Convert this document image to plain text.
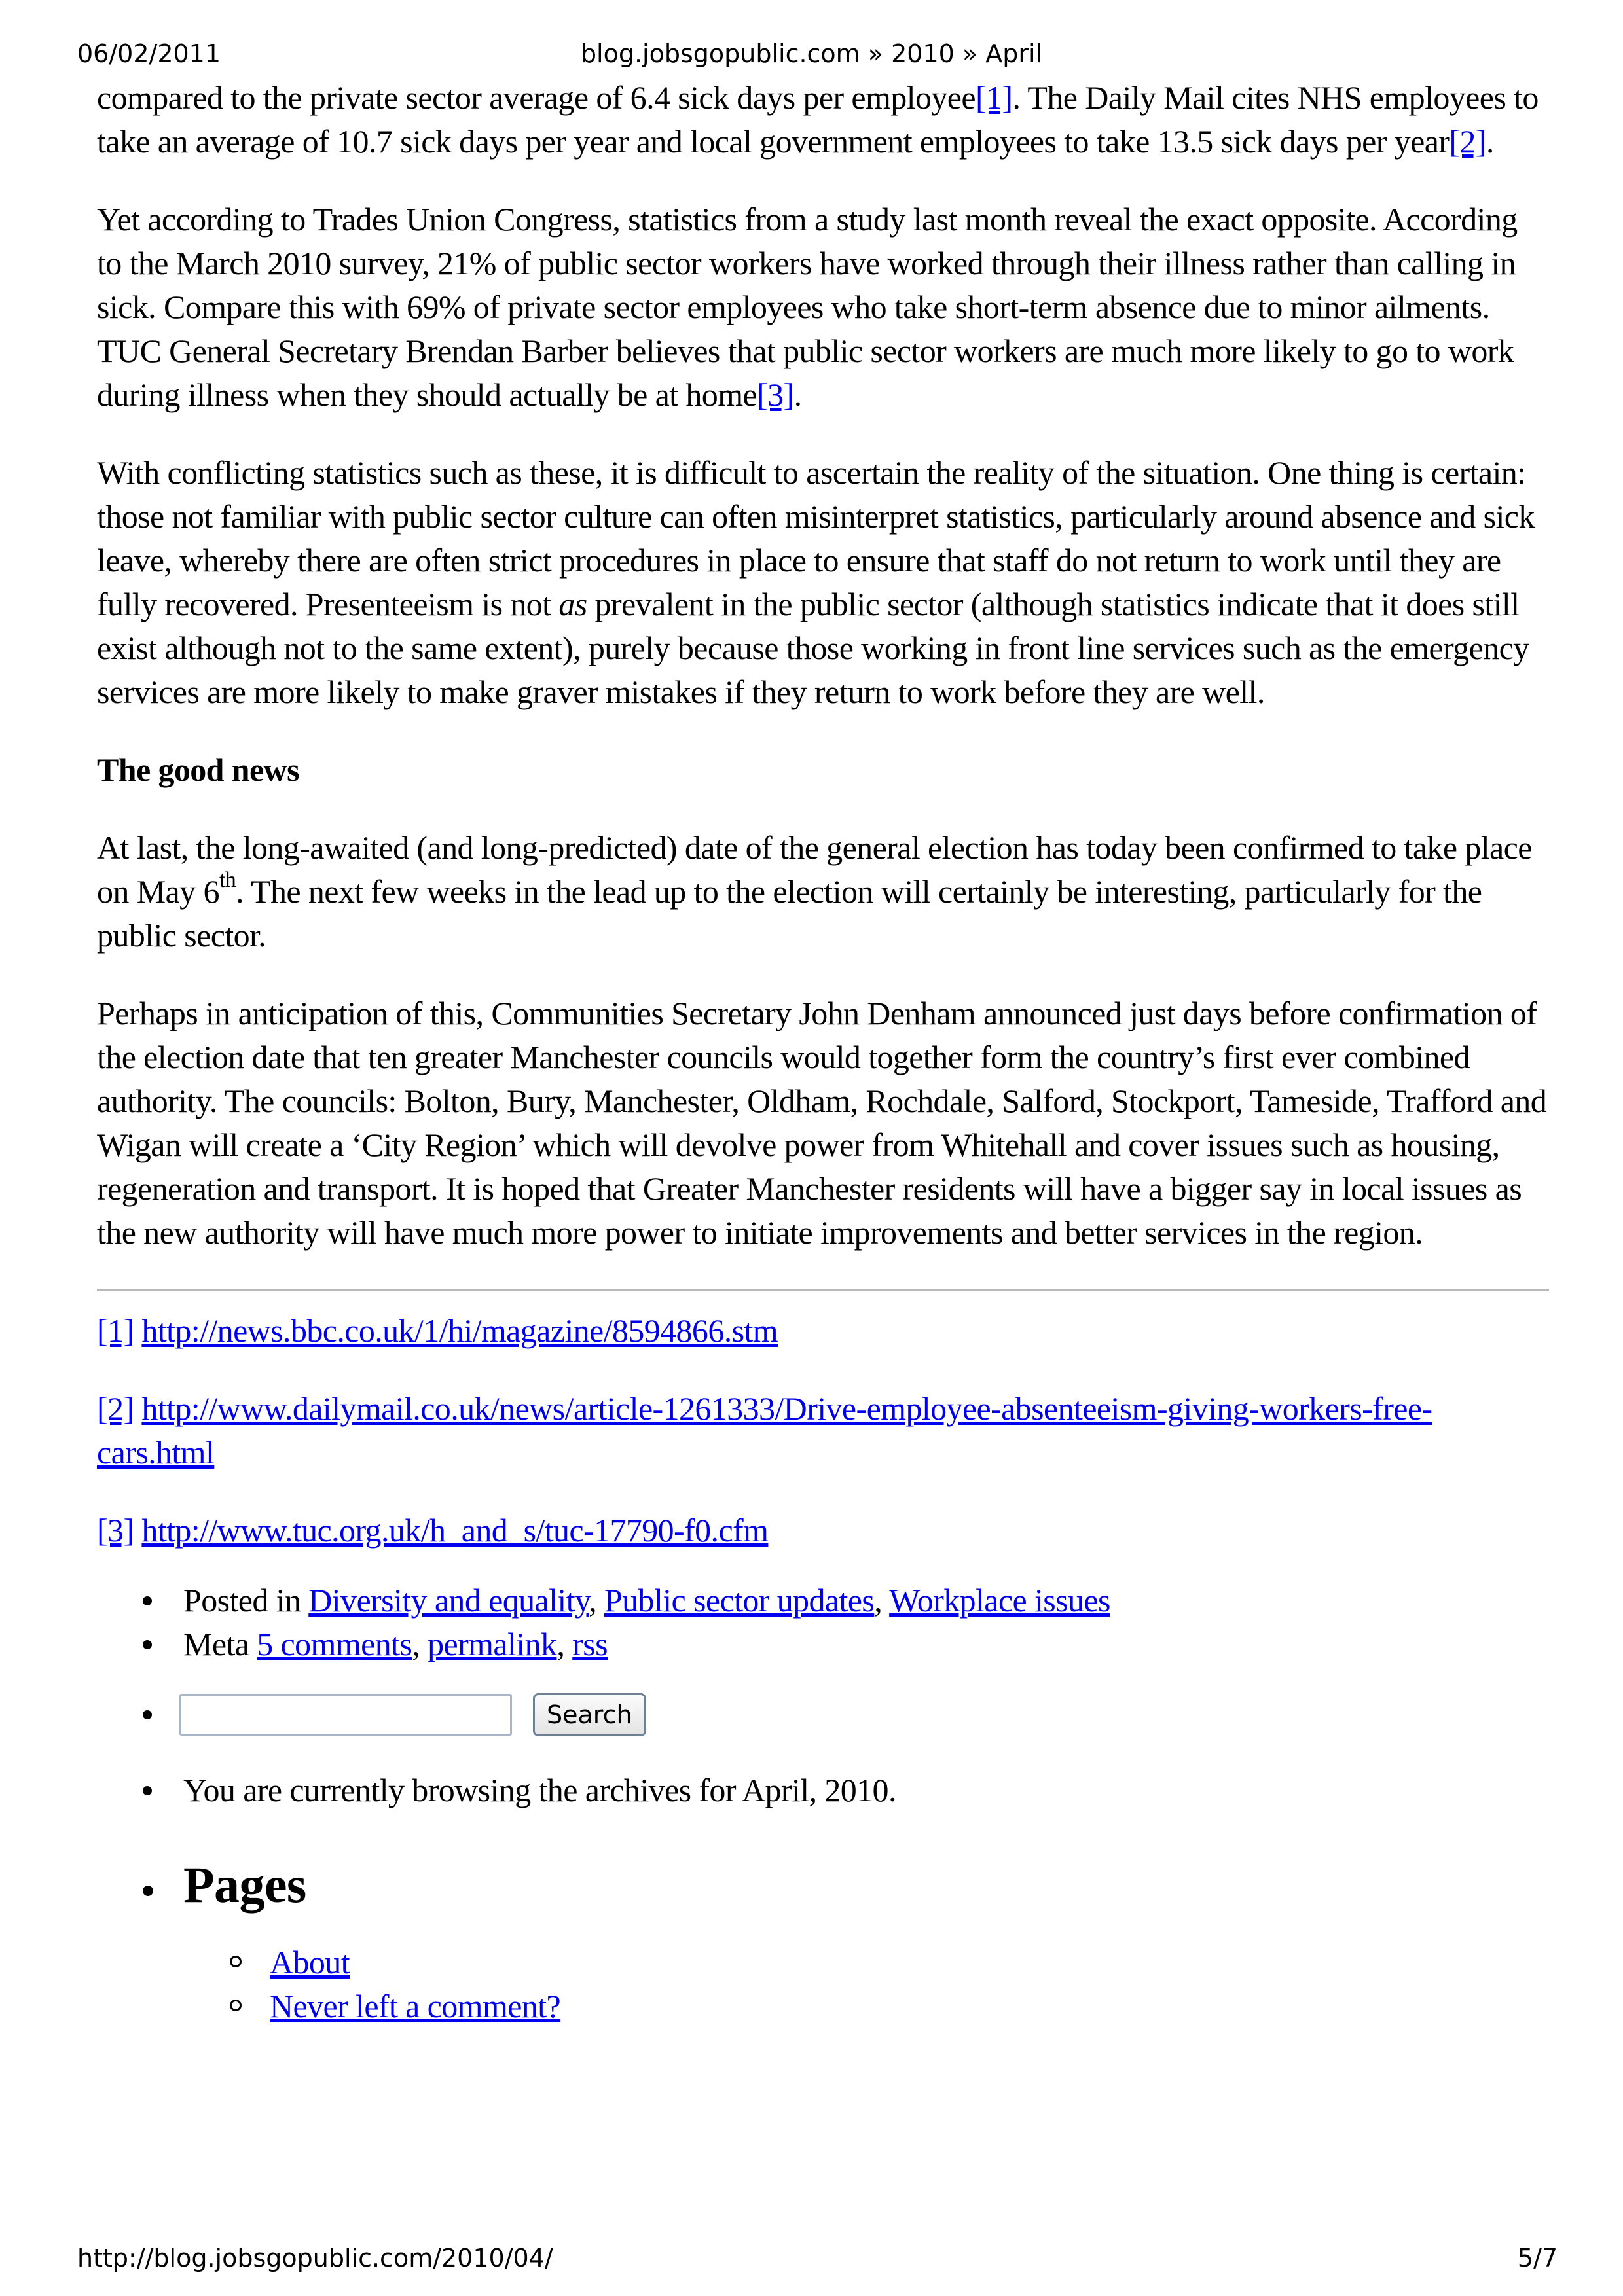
06/02/2011	blog.jobsgopublic.com » 2010 » April

compared to the private sector average of 6.4 sick days per employee[1]. The Daily Mail cites NHS employees to take an average of 10.7 sick days per year and local government employees to take 13.5 sick days per year[2].

Yet according to Trades Union Congress, statistics from a study last month reveal the exact opposite. According to the March 2010 survey, 21% of public sector workers have worked through their illness rather than calling in sick. Compare this with 69% of private sector employees who take short-term absence due to minor ailments. TUC General Secretary Brendan Barber believes that public sector workers are much more likely to go to work during illness when they should actually be at home[3].

With conflicting statistics such as these, it is difficult to ascertain the reality of the situation. One thing is certain: those not familiar with public sector culture can often misinterpret statistics, particularly around absence and sick leave, whereby there are often strict procedures in place to ensure that staff do not return to work until they are fully recovered. Presenteeism is not as prevalent in the public sector (although statistics indicate that it does still exist although not to the same extent), purely because those working in front line services such as the emergency services are more likely to make graver mistakes if they return to work before they are well.

The good news

At last, the long-awaited (and long-predicted) date of the general election has today been confirmed to take place on May 6th. The next few weeks in the lead up to the election will certainly be interesting, particularly for the public sector.

Perhaps in anticipation of this, Communities Secretary John Denham announced just days before confirmation of the election date that ten greater Manchester councils would together form the country’s first ever combined authority. The councils: Bolton, Bury, Manchester, Oldham, Rochdale, Salford, Stockport, Tameside, Trafford and Wigan will create a ‘City Region’ which will devolve power from Whitehall and cover issues such as housing, regeneration and transport. It is hoped that Greater Manchester residents will have a bigger say in local issues as the new authority will have much more power to initiate improvements and better services in the region.

[1] http://news.bbc.co.uk/1/hi/magazine/8594866.stm

[2] http://www.dailymail.co.uk/news/article-1261333/Drive-employee-absenteeism-giving-workers-free-cars.html

[3] http://www.tuc.org.uk/h_and_s/tuc-17790-f0.cfm

Posted in Diversity and equality, Public sector updates, Workplace issues
Meta 5 comments, permalink, rss
Search
You are currently browsing the archives for April, 2010.
Pages
About
Never left a comment?
http://blog.jobsgopublic.com/2010/04/	5/7
